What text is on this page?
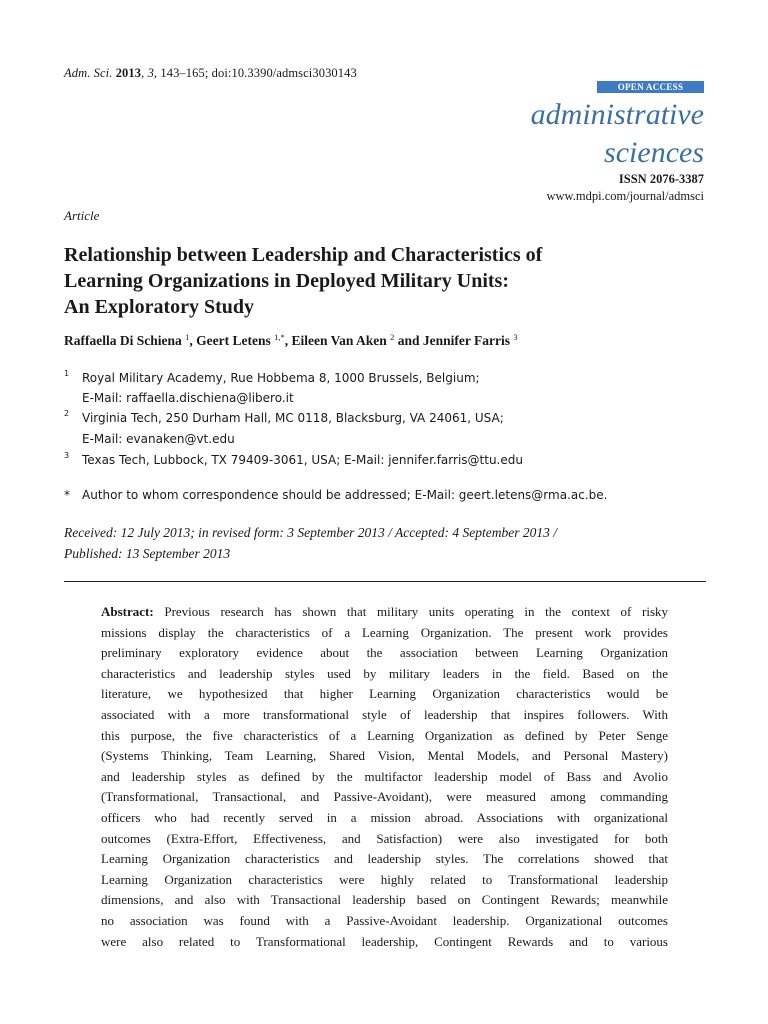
Adm. Sci. 2013, 3, 143–165; doi:10.3390/admsci3030143
OPEN ACCESS
administrative
sciences
ISSN 2076-3387
www.mdpi.com/journal/admsci
Article
Relationship between Leadership and Characteristics of
Learning Organizations in Deployed Military Units:
An Exploratory Study
Raffaella Di Schiena $^1$, Geert Letens $^{1,*}$, Eileen Van Aken $^2$ and Jennifer Farris $^3$
1 Royal Military Academy, Rue Hobbema 8, 1000 Brussels, Belgium;
E-Mail: raffaella.dischiena@libero.it
2 Virginia Tech, 250 Durham Hall, MC 0118, Blacksburg, VA 24061, USA;
E-Mail: evanaken@vt.edu
3 Texas Tech, Lubbock, TX 79409-3061, USA; E-Mail: jennifer.farris@ttu.edu
* Author to whom correspondence should be addressed; E-Mail: geert.letens@rma.ac.be.
Received: 12 July 2013; in revised form: 3 September 2013 / Accepted: 4 September 2013 /
Published: 13 September 2013
Abstract: Previous research has shown that military units operating in the context of risky
missions display the characteristics of a Learning Organization. The present work provides
preliminary exploratory evidence about the association between Learning Organization
characteristics and leadership styles used by military leaders in the field. Based on the
literature, we hypothesized that higher Learning Organization characteristics would be
associated with a more transformational style of leadership that inspires followers. With
this purpose, the five characteristics of a Learning Organization as defined by Peter Senge
(Systems Thinking, Team Learning, Shared Vision, Mental Models, and Personal Mastery)
and leadership styles as defined by the multifactor leadership model of Bass and Avolio
(Transformational, Transactional, and Passive-Avoidant), were measured among commanding
officers who had recently served in a mission abroad. Associations with organizational
outcomes (Extra-Effort, Effectiveness, and Satisfaction) were also investigated for both
Learning Organization characteristics and leadership styles. The correlations showed that
Learning Organization characteristics were highly related to Transformational leadership
dimensions, and also with Transactional leadership based on Contingent Rewards; meanwhile
no association was found with a Passive-Avoidant leadership. Organizational outcomes
were also related to Transformational leadership, Contingent Rewards and to various
